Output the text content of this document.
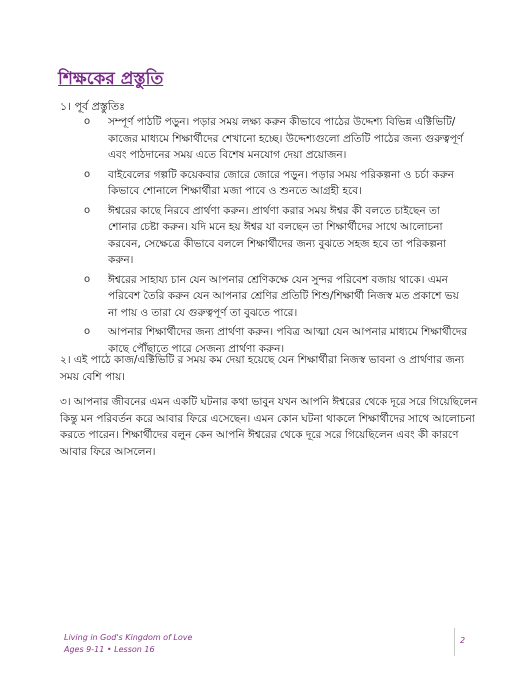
শিক্ষকের প্রস্তুতি
১। পূর্ব প্রস্তুতিঃ
o সম্পূর্ণ পাঠটি পড়ুন। পড়ার সময় লক্ষ্য করুন কীভাবে পাঠের উদ্দেশ্য বিভিন্ন এক্টিভিটি/কাজের মাধ্যমে শিক্ষার্থীদের শেখানো হচ্ছে। উদ্দেশ্যগুলো প্রতিটি পাঠের জন্য গুরুত্বপূর্ণ এবং পাঠদানের সময় এতে বিশেষ মনযোগ দেয়া প্রয়োজন।
o বাইবেলের গল্পটি কয়েকবার জোরে জোরে পড়ুন। পড়ার সময় পরিকল্পনা ও চর্চা করুন কিভাবে শোনালে শিক্ষার্থীরা মজা পাবে ও শুনতে আগ্রহী হবে।
o ঈশ্বরের কাছে নিরবে প্রার্থণা করুন। প্রার্থণা করার সময় ঈশ্বর কী বলতে চাইছেন তা শোনার চেষ্টা করুন। যদি মনে হয় ঈশ্বর যা বলছেন তা শিক্ষার্থীদের সাথে আলোচনা করবেন, সেক্ষেত্রে কীভাবে বললে শিক্ষার্থীদের জন্য বুঝতে সহজ হবে তা পরিকল্পনা করুন।
o ঈশ্বরের সাহায্য চান যেন আপনার শ্রেণিকক্ষে যেন সুন্দর পরিবেশ বজায় থাকে। এমন পরিবেশ তৈরি করুন যেন আপনার শ্রেণির প্রতিটি শিশু/শিক্ষার্থী নিজস্ব মত প্রকাশে ভয় না পায় ও তারা যে গুরুত্বপূর্ণ তা বুঝতে পারে।
o আপনার শিক্ষার্থীদের জন্য প্রার্থণা করুন। পবিত্র আত্মা যেন আপনার মাধ্যমে শিক্ষার্থীদের কাছে পৌঁছাতে পারে সেজন্য প্রার্থণা করুন।

২। এই পাঠে কাজ/এক্টিভিটি র সময় কম দেয়া হয়েছে যেন শিক্ষার্থীরা নিজস্ব ভাবনা ও প্রার্থণার জন্য সময় বেশি পায়।

৩। আপনার জীবনের এমন একটি ঘটনার কথা ভাবুন যখন আপনি ঈশ্বরের থেকে দূরে সরে গিয়েছিলেন কিন্তু মন পরিবর্তন করে আবার ফিরে এসেছেন। এমন কোন ঘটনা থাকলে শিক্ষার্থীদের সাথে আলোচনা করতে পারেন। শিক্ষার্থীদের বলুন কেন আপনি ঈশ্বরের থেকে দূরে সরে গিয়েছিলেন এবং কী কারণে আবার ফিরে আসলেন।

Living in God's Kingdom of Love
Ages 9-11 • Lesson 16
2
